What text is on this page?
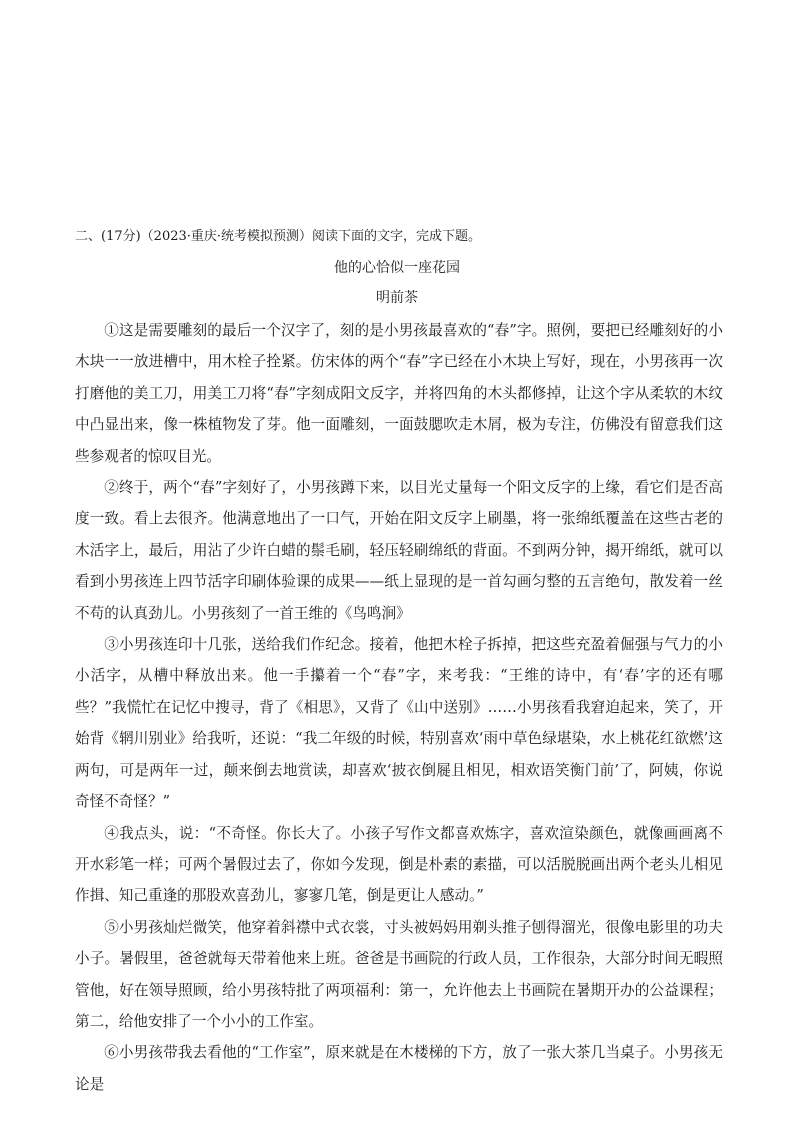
二、(17分)（2023·重庆·统考模拟预测）阅读下面的文字，完成下题。
他的心恰似一座花园
明前茶

①这是需要雕刻的最后一个汉字了，刻的是小男孩最喜欢的“春”字。照例，要把已经雕刻好的小木块一一放进槽中，用木栓子拴紧。仿宋体的两个“春”字已经在小木块上写好，现在，小男孩再一次打磨他的美工刀，用美工刀将“春”字刻成阳文反字，并将四角的木头都修掉，让这个字从柔软的木纹中凸显出来，像一株植物发了芽。他一面雕刻，一面鼓腮吹走木屑，极为专注，仿佛没有留意我们这些参观者的惊叹目光。

②终于，两个“春”字刻好了，小男孩蹲下来，以目光丈量每一个阳文反字的上缘，看它们是否高度一致。看上去很齐。他满意地出了一口气，开始在阳文反字上刷墨，将一张绵纸覆盖在这些古老的木活字上，最后，用沾了少许白蜡的鬃毛刷，轻压轻刷绵纸的背面。不到两分钟，揭开绵纸，就可以看到小男孩连上四节活字印刷体验课的成果——纸上显现的是一首勾画匀整的五言绝句，散发着一丝不苟的认真劲儿。小男孩刻了一首王维的《鸟鸣涧》

③小男孩连印十几张，送给我们作纪念。接着，他把木栓子拆掉，把这些充盈着倔强与气力的小小活字，从槽中释放出来。他一手攥着一个“春”字，来考我：“王维的诗中，有‘春’字的还有哪些？”我慌忙在记忆中搜寻，背了《相思》，又背了《山中送别》……小男孩看我窘迫起来，笑了，开始背《辋川别业》给我听，还说：“我二年级的时候，特别喜欢‘雨中草色绿堪染，水上桃花红欲燃’这两句，可是两年一过，颠来倒去地赏读，却喜欢‘披衣倒屣且相见，相欢语笑衡门前’了，阿姨，你说奇怪不奇怪？”

④我点头，说：“不奇怪。你长大了。小孩子写作文都喜欢炼字，喜欢渲染颜色，就像画画离不开水彩笔一样；可两个暑假过去了，你如今发现，倒是朴素的素描，可以活脱脱画出两个老头儿相见作揖、知己重逢的那股欢喜劲儿，寥寥几笔，倒是更让人感动。”

⑤小男孩灿烂微笑，他穿着斜襟中式衣裳，寸头被妈妈用剃头推子刨得溜光，很像电影里的功夫小子。暑假里，爸爸就每天带着他来上班。爸爸是书画院的行政人员，工作很杂，大部分时间无暇照管他，好在领导照顾，给小男孩特批了两项福利：第一，允许他去上书画院在暑期开办的公益课程；第二，给他安排了一个小小的工作室。

⑥小男孩带我去看他的“工作室”，原来就是在木楼梯的下方，放了一张大茶几当桌子。小男孩无论是
